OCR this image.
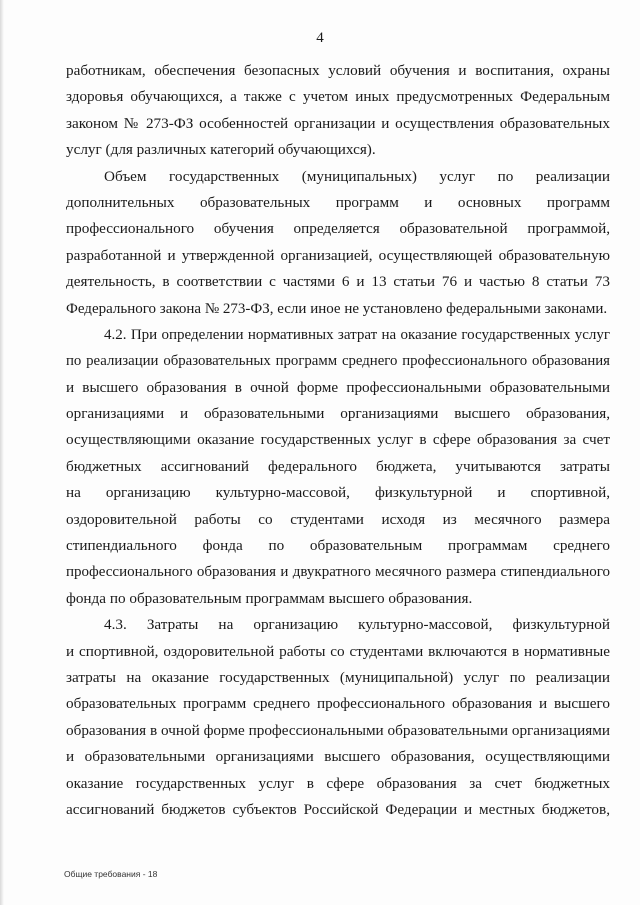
4
работникам, обеспечения безопасных условий обучения и воспитания, охраны
здоровья обучающихся, а также с учетом иных предусмотренных Федеральным
законом № 273-ФЗ особенностей организации и осуществления образовательных
услуг (для различных категорий обучающихся).
Объем государственных (муниципальных) услуг по реализации
дополнительных образовательных программ и основных программ
профессионального обучения определяется образовательной программой,
разработанной и утвержденной организацией, осуществляющей образовательную
деятельность, в соответствии с частями 6 и 13 статьи 76 и частью 8 статьи 73
Федерального закона № 273-ФЗ, если иное не установлено федеральными законами.
4.2. При определении нормативных затрат на оказание государственных услуг
по реализации образовательных программ среднего профессионального образования
и высшего образования в очной форме профессиональными образовательными
организациями и образовательными организациями высшего образования,
осуществляющими оказание государственных услуг в сфере образования за счет
бюджетных ассигнований федерального бюджета, учитываются затраты
на организацию культурно-массовой, физкультурной и спортивной,
оздоровительной работы со студентами исходя из месячного размера
стипендиального фонда по образовательным программам среднего
профессионального образования и двукратного месячного размера стипендиального
фонда по образовательным программам высшего образования.
4.3. Затраты на организацию культурно-массовой, физкультурной
и спортивной, оздоровительной работы со студентами включаются в нормативные
затраты на оказание государственных (муниципальной) услуг по реализации
образовательных программ среднего профессионального образования и высшего
образования в очной форме профессиональными образовательными организациями
и образовательными организациями высшего образования, осуществляющими
оказание государственных услуг в сфере образования за счет бюджетных
ассигнований бюджетов субъектов Российской Федерации и местных бюджетов,
Общие требования - 18
